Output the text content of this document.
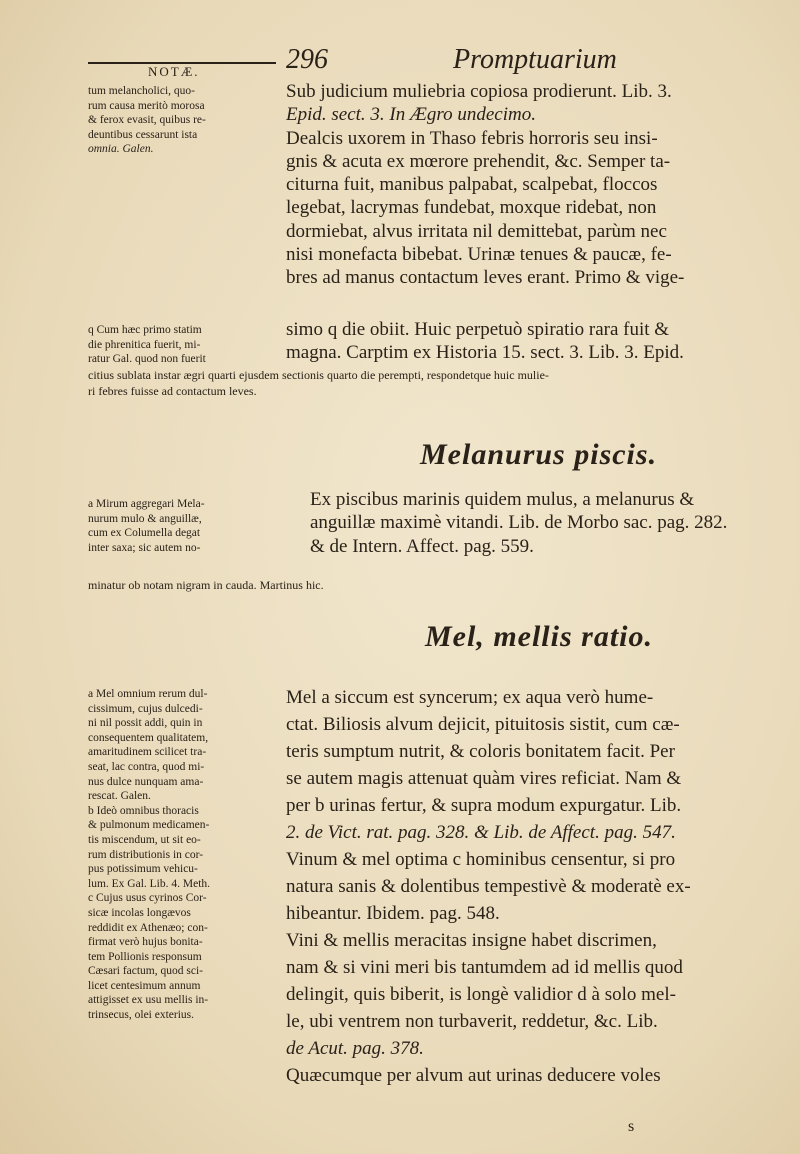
NOTÆ.	296	Promptuarium
tum melancholici, quo-
rum causa meritò morosa
& ferox evasit, quibus re-
deuntibus cessarunt ista
omnia. Galen.
Sub judicium muliebria copiosa prodierunt. Lib. 3.
Epid. sect. 3. In Ægro undecimo.
Dealcis uxorem in Thaso febris horroris seu insi-
gnis & acuta ex mœrore prehendit, &c. Semper ta-
citurna fuit, manibus palpabat, scalpebat, floccos
legebat, lacrymas fundebat, moxque ridebat, non
dormiebat, alvus irritata nil demittebat, parùm nec
nisi monefacta bibebat. Urinæ tenues & paucæ, fe-
bres ad manus contactum leves erant. Primo & vige-
q Cum hæc primo statim
die phrenitica fuerit, mi-
ratur Gal. quod non fuerit
simo q die obiit. Huic perpetuò spiratio rara fuit &
magna. Carptim ex Historia 15. sect. 3. Lib. 3. Epid.
citius sublata instar ægri quarti ejusdem sectionis quarto die perempti, respondetque huic mulie-
ri febres fuisse ad contactum leves.
Melanurus piscis.
a Mirum aggregari Mela-
nurum mulo & anguillæ,
cum ex Columella degat
inter saxa; sic autem no-
Ex piscibus marinis quidem mulus, a melanurus &
anguillæ maximè vitandi. Lib. de Morbo sac. pag. 282.
& de Intern. Affect. pag. 559.
minatur ob notam nigram in cauda. Martinus hic.
Mel, mellis ratio.
a Mel omnium rerum dul-
cissimum, cujus dulcedi-
ni nil possit addi, quin in
consequentem qualitatem,
amaritudinem scilicet tra-
seat, lac contra, quod mi-
nus dulce nunquam ama-
rescat. Galen.
b Ideò omnibus thoracis
& pulmonum medicamen-
tis miscendum, ut sit eo-
rum distributionis in cor-
pus potissimum vehicu-
lum. Ex Gal. Lib. 4. Meth.
c Cujus usus cyrinos Cor-
sicæ incolas longævos
reddidit ex Athenæo; con-
firmat verò hujus bonita-
tem Pollionis responsum
Cæsari factum, quod sci-
licet centesimum annum
attigisset ex usu mellis in-
trinsecus, olei exterius.
Mel a siccum est syncerum; ex aqua verò hume-
ctat. Biliosis alvum dejicit, pituitosis sistit, cum cæ-
teris sumptum nutrit, & coloris bonitatem facit. Per
se autem magis attenuat quàm vires reficiat. Nam &
per b urinas fertur, & supra modum expurgatur. Lib.
2. de Vict. rat. pag. 328. & Lib. de Affect. pag. 547.
Vinum & mel optima c hominibus censentur, si pro
natura sanis & dolentibus tempestivè & moderatè ex-
hibeantur. Ibidem. pag. 548.
Vini & mellis meracitas insigne habet discrimen,
nam & si vini meri bis tantumdem ad id mellis quod
delingit, quis biberit, is longè validior d à solo mel-
le, ubi ventrem non turbaverit, reddetur, &c. Lib.
de Acut. pag. 378.
Quæcumque per alvum aut urinas deducere voles
s
